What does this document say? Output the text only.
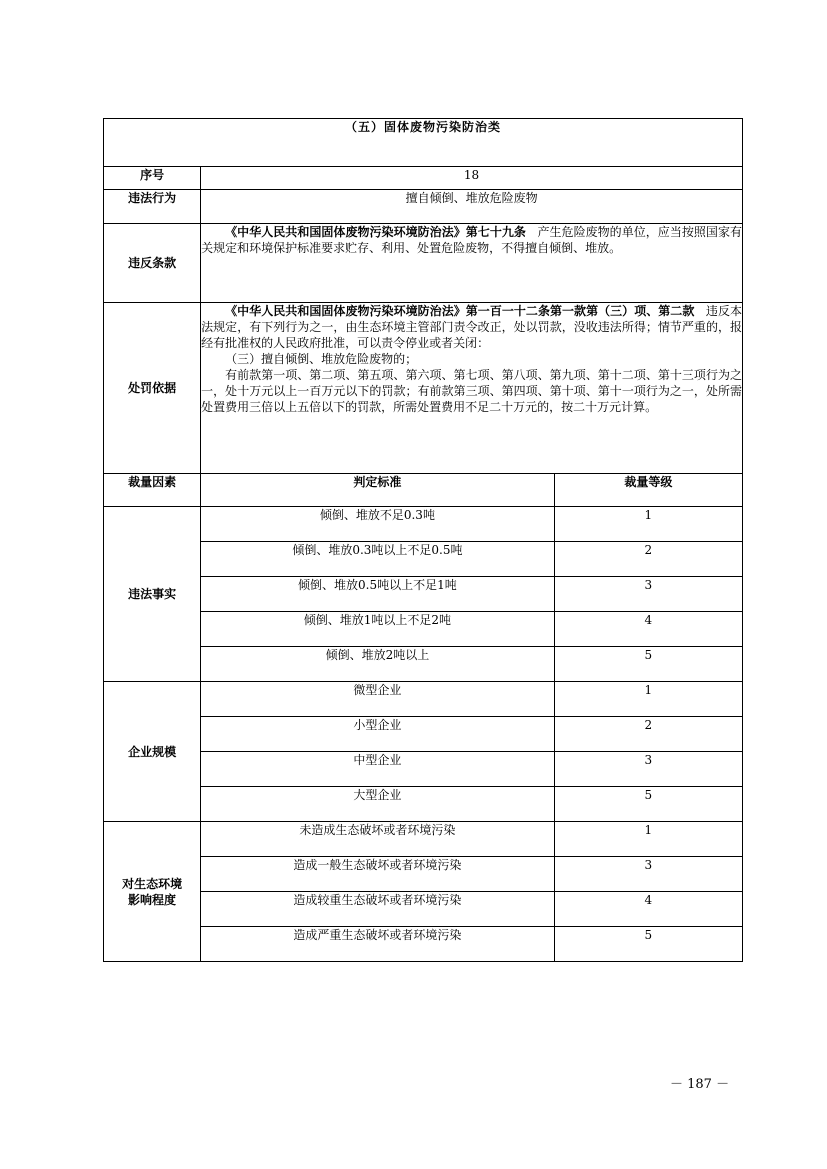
（五）固体废物污染防治类		
序号	18	
违法行为	擅自倾倒、堆放危险废物	
违反条款	《中华人民共和国固体废物污染环境防治法》第七十九条 产生危险废物的单位，应当按照国家有关规定和环境保护标准要求贮存、利用、处置危险废物，不得擅自倾倒、堆放。	

处罚依据	《中华人民共和国固体废物污染环境防治法》第一百一十二条第一款第（三）项、第二款 违反本法规定，有下列行为之一，由生态环境主管部门责令改正，处以罚款，没收违法所得；情节严重的，报经有批准权的人民政府批准，可以责令停业或者关闭：

（三）擅自倾倒、堆放危险废物的；

有前款第一项、第二项、第五项、第六项、第七项、第八项、第九项、第十二项、第十三项行为之一，处十万元以上一百万元以下的罚款；有前款第三项、第四项、第十项、第十一项行为之一，处所需处置费用三倍以上五倍以下的罚款，所需处置费用不足二十万元的，按二十万元计算。	

裁量因素	判定标准	裁量等级
违法事实	倾倒、堆放不足0.3吨	1
	倾倒、堆放0.3吨以上不足0.5吨	2
	倾倒、堆放0.5吨以上不足1吨	3
	倾倒、堆放1吨以上不足2吨	4
	倾倒、堆放2吨以上	5
企业规模	微型企业	1
	小型企业	2
	中型企业	3
	大型企业	5
对生态环境影响程度	未造成生态破坏或者环境污染	1
	造成一般生态破坏或者环境污染	3
	造成较重生态破坏或者环境污染	4
	造成严重生态破坏或者环境污染	5
－ 187 －
